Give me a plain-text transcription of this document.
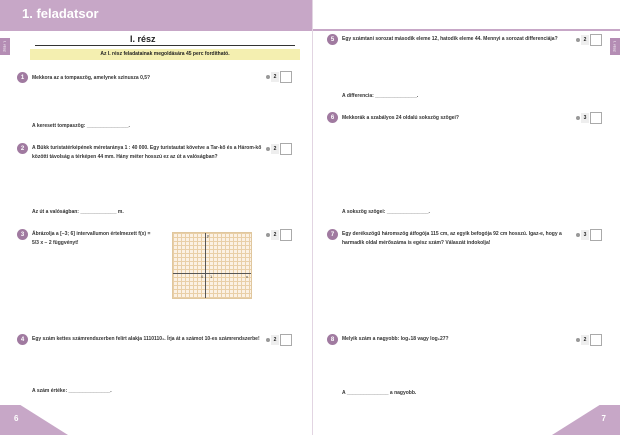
1. feladatsor
I. rész	I. rész
I. rész
Az I. rész feladatainak megoldására 45 perc fordítható.
1	Mekkora az a tompaszög, amelynek szinusza 0,5?	2
A keresett tompaszög: _______________.
2	A Bükk turistatérképének méretaránya 1 : 40 000. Egy turistautat követve a Tar-kő és a Három-kő közötti távolság a térképen 44 mm. Hány méter hosszú ez az út a valóságban?
2
Az út a valóságban: _____________ m.
3	Ábrázolja a [−3; 6] intervallumon értelmezett f(x) = 5/3 x − 2 függvényt!
2
x
y
0 1
4	Egy szám kettes számrendszerben felírt alakja 1110110₂. Írja át a számot 10-es számrendszerbe!	2
A szám értéke: _______________.
5	Egy számtani sorozat második eleme 12, hatodik eleme 44. Mennyi a sorozat differenciája?	2
A differencia: _______________.
6	Mekkorák a szabályos 24 oldalú sokszög szögei?	3
A sokszög szögei: _______________.
7	Egy derékszögű háromszög átfogója 115 cm, az egyik befogója 92 cm hosszú. Igaz-e, hogy a harmadik oldal mérőszáma is egész szám? Válaszát indokolja!
3
8	Melyik szám a nagyobb: log₃18 vagy log₅27?	2
A _______________ a nagyobb.
6	7
